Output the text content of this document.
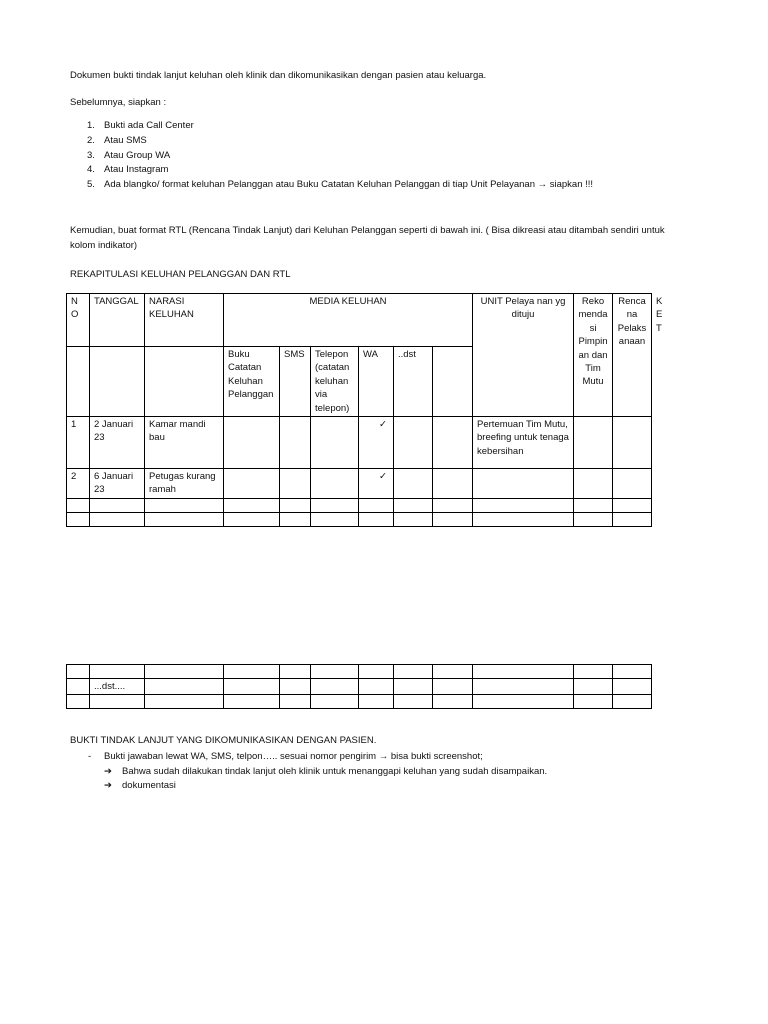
Dokumen bukti tindak lanjut keluhan oleh klinik dan dikomunikasikan dengan pasien atau keluarga.
Sebelumnya, siapkan :
1. Bukti ada Call Center
2. Atau SMS
3. Atau Group WA
4. Atau Instagram
5. Ada blangko/ format keluhan Pelanggan atau Buku Catatan Keluhan Pelanggan di tiap Unit Pelayanan → siapkan !!!
Kemudian, buat format RTL (Rencana Tindak Lanjut) dari Keluhan Pelanggan seperti di bawah ini. ( Bisa dikreasi atau ditambah sendiri untuk kolom indikator)
REKAPITULASI KELUHAN PELANGGAN DAN RTL
N O	TANGGAL	NARASI KELUHAN	MEDIA KELUHAN						UNIT Pelaya nan yg dituju	Rekomendasi Pimpinan dan Tim Mutu	Renca na Pelaks anaan	KET
			Buku Catatan Keluhan Pelanggan	SMS	Telepon (catatan keluhan via telepon)	WA	..dst					
1	2 Januari 23	Kamar mandi bau				✓			Pertemuan Tim Mutu, breefing untuk tenaga kebersihan			
2	6 Januari 23	Petugas kurang ramah				✓						

	...dst....										

BUKTI TINDAK LANJUT YANG DIKOMUNIKASIKAN DENGAN PASIEN.
- Bukti jawaban lewat WA, SMS, telpon….. sesuai nomor pengirim → bisa bukti screenshot;
➔ Bahwa sudah dilakukan tindak lanjut oleh klinik untuk menanggapi keluhan yang sudah disampaikan.
➔ dokumentasi
